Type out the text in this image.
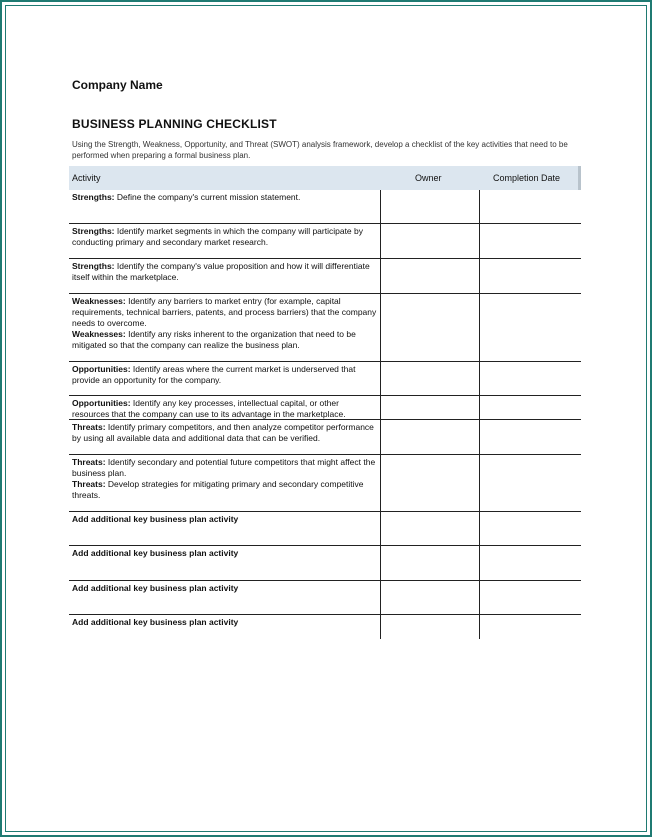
Company Name
BUSINESS PLANNING CHECKLIST
Using the Strength, Weakness, Opportunity, and Threat (SWOT) analysis framework, develop a checklist of the key activities that need to be performed when preparing a formal business plan.
Activity	Owner	Completion Date
Strengths: Define the company's current mission statement.
Strengths: Identify market segments in which the company will participate by conducting primary and secondary market research.
Strengths: Identify the company's value proposition and how it will differentiate itself within the marketplace.
Weaknesses: Identify any barriers to market entry (for example, capital requirements, technical barriers, patents, and process barriers) that the company needs to overcome.
Weaknesses: Identify any risks inherent to the organization that need to be mitigated so that the company can realize the business plan.
Opportunities: Identify areas where the current market is underserved that provide an opportunity for the company.
Opportunities: Identify any key processes, intellectual capital, or other resources that the company can use to its advantage in the marketplace.
Threats: Identify primary competitors, and then analyze competitor performance by using all available data and additional data that can be verified.
Threats: Identify secondary and potential future competitors that might affect the business plan.
Threats: Develop strategies for mitigating primary and secondary competitive threats.
Add additional key business plan activity
Add additional key business plan activity
Add additional key business plan activity
Add additional key business plan activity
